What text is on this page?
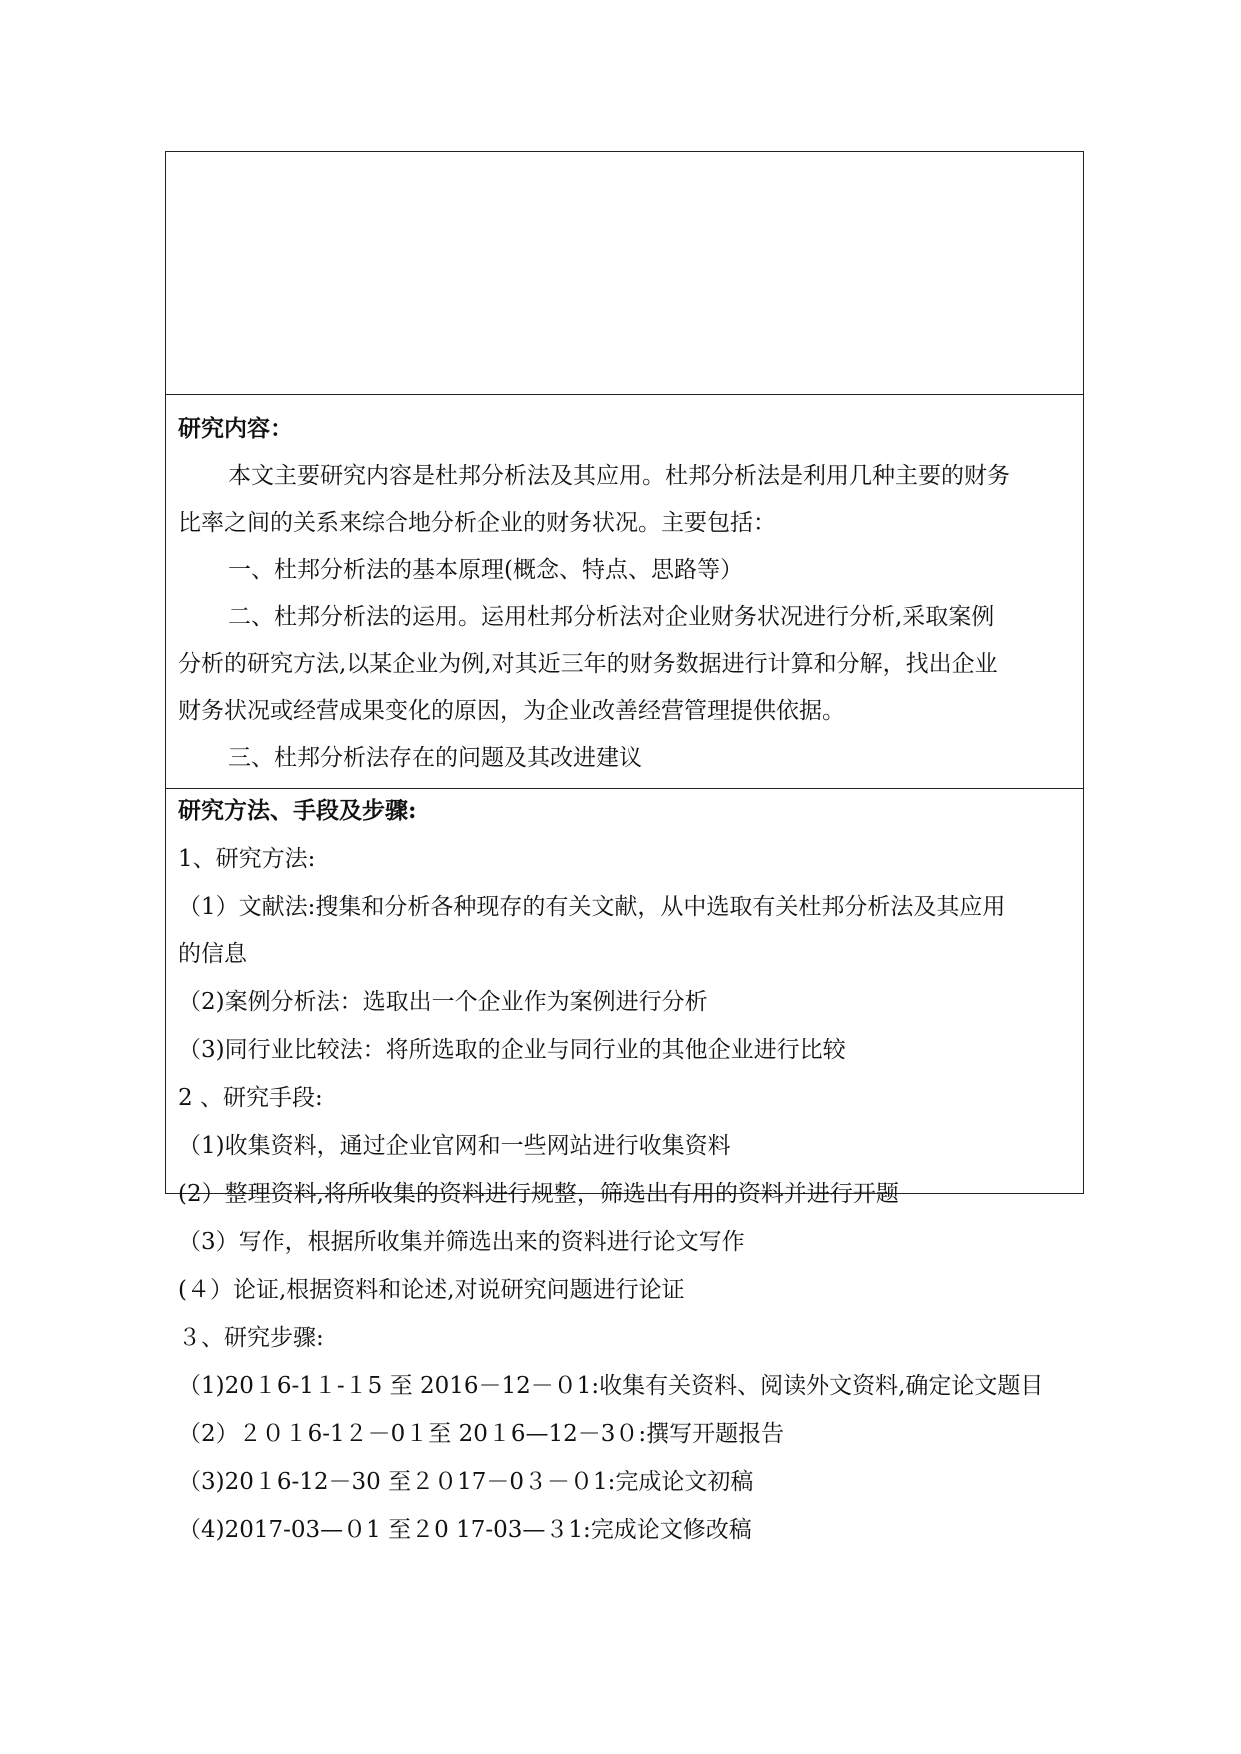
研究内容：
本文主要研究内容是杜邦分析法及其应用。杜邦分析法是利用几种主要的财务
比率之间的关系来综合地分析企业的财务状况。主要包括：
一、杜邦分析法的基本原理(概念、特点、思路等）
二、杜邦分析法的运用。运用杜邦分析法对企业财务状况进行分析,采取案例
分析的研究方法,以某企业为例,对其近三年的财务数据进行计算和分解，找出企业
财务状况或经营成果变化的原因，为企业改善经营管理提供依据。
三、杜邦分析法存在的问题及其改进建议
研究方法、手段及步骤:
1、研究方法:
（1）文献法:搜集和分析各种现存的有关文献，从中选取有关杜邦分析法及其应用
的信息
（2)案例分析法：选取出一个企业作为案例进行分析
（3)同行业比较法：将所选取的企业与同行业的其他企业进行比较
2 、研究手段:
（1)收集资料，通过企业官网和一些网站进行收集资料
(2）整理资料,将所收集的资料进行规整，筛选出有用的资料并进行开题
（3）写作，根据所收集并筛选出来的资料进行论文写作
(４）论证,根据资料和论述,对说研究问题进行论证
３、研究步骤:
（1)20１6-1１-１5 至 2016－12－０1:收集有关资料、阅读外文资料,确定论文题目
（2）２０１6-1２－0１至 20１6—12－3０:撰写开题报告
（3)20１6-12－30 至２０17－0３－０1:完成论文初稿
（4)2017-03—０1 至２0 17-03—３1:完成论文修改稿
